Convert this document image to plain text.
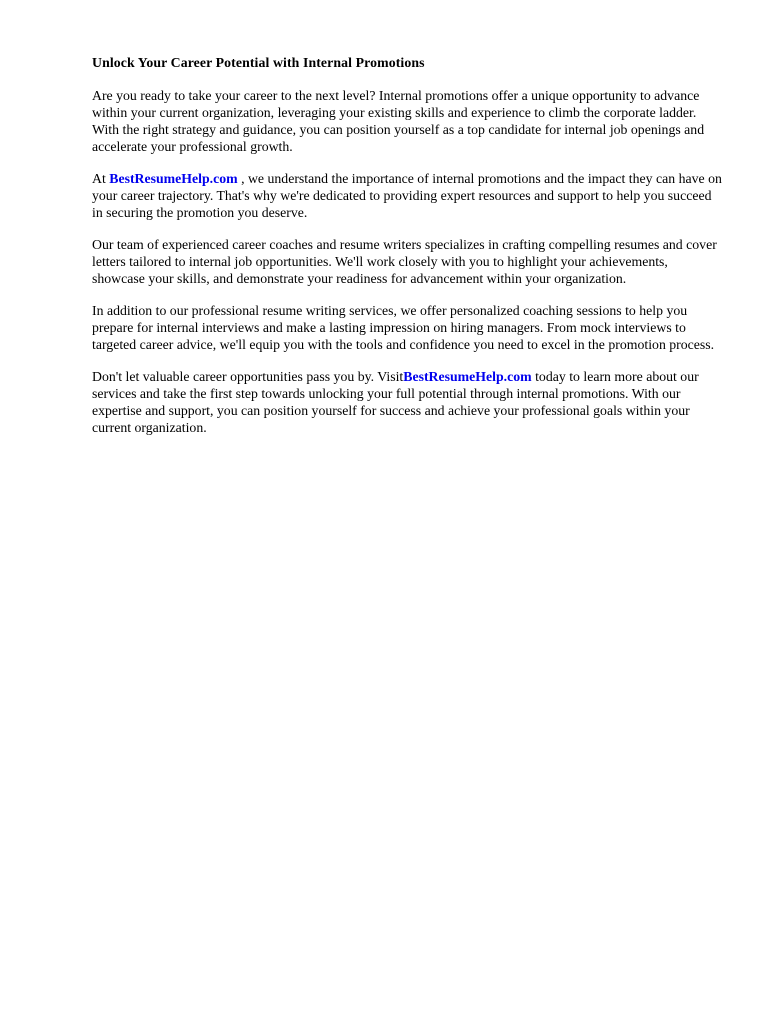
Unlock Your Career Potential with Internal Promotions

Are you ready to take your career to the next level? Internal promotions offer a unique opportunity to advance within your current organization, leveraging your existing skills and experience to climb the corporate ladder. With the right strategy and guidance, you can position yourself as a top candidate for internal job openings and accelerate your professional growth.

At BestResumeHelp.com , we understand the importance of internal promotions and the impact they can have on your career trajectory. That's why we're dedicated to providing expert resources and support to help you succeed in securing the promotion you deserve.

Our team of experienced career coaches and resume writers specializes in crafting compelling resumes and cover letters tailored to internal job opportunities. We'll work closely with you to highlight your achievements, showcase your skills, and demonstrate your readiness for advancement within your organization.

In addition to our professional resume writing services, we offer personalized coaching sessions to help you prepare for internal interviews and make a lasting impression on hiring managers. From mock interviews to targeted career advice, we'll equip you with the tools and confidence you need to excel in the promotion process.

Don't let valuable career opportunities pass you by. VisitBestResumeHelp.com today to learn more about our services and take the first step towards unlocking your full potential through internal promotions. With our expertise and support, you can position yourself for success and achieve your professional goals within your current organization.
